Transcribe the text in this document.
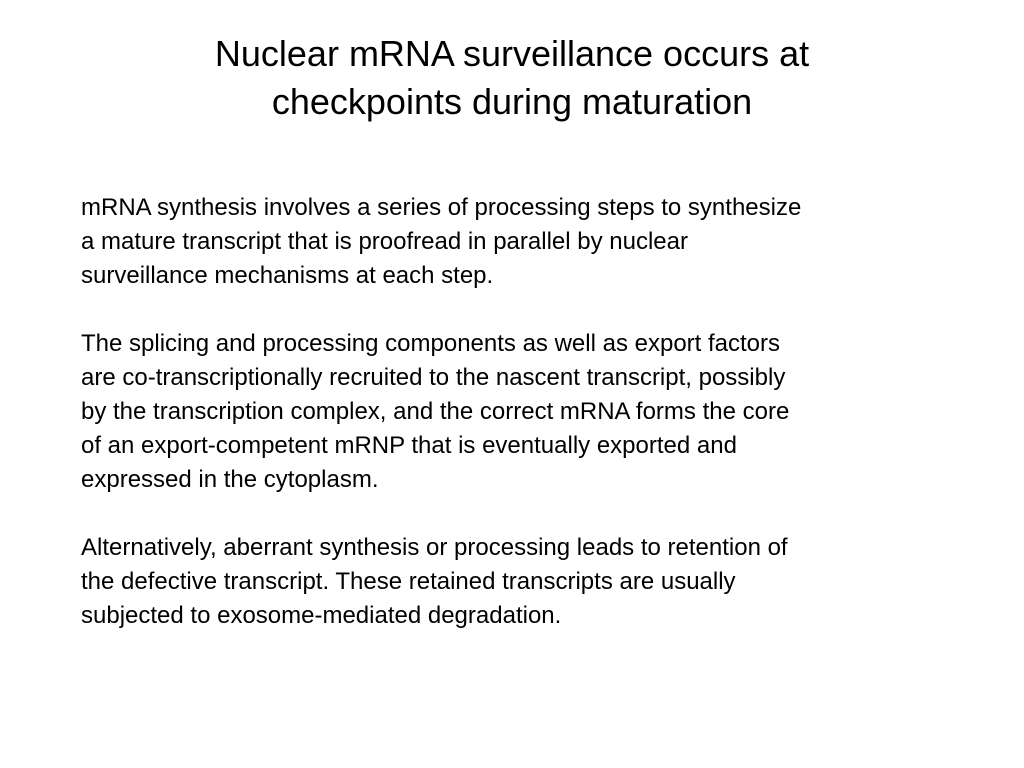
Nuclear mRNA surveillance occurs at
checkpoints during maturation

mRNA synthesis involves a series of processing steps to synthesize
a mature transcript that is proofread in parallel by nuclear
surveillance mechanisms at each step.

The splicing and processing components as well as export factors
are co-transcriptionally recruited to the nascent transcript, possibly
by the transcription complex, and the correct mRNA forms the core
of an export-competent mRNP that is eventually exported and
expressed in the cytoplasm.

Alternatively, aberrant synthesis or processing leads to retention of
the defective transcript. These retained transcripts are usually
subjected to exosome-mediated degradation.
